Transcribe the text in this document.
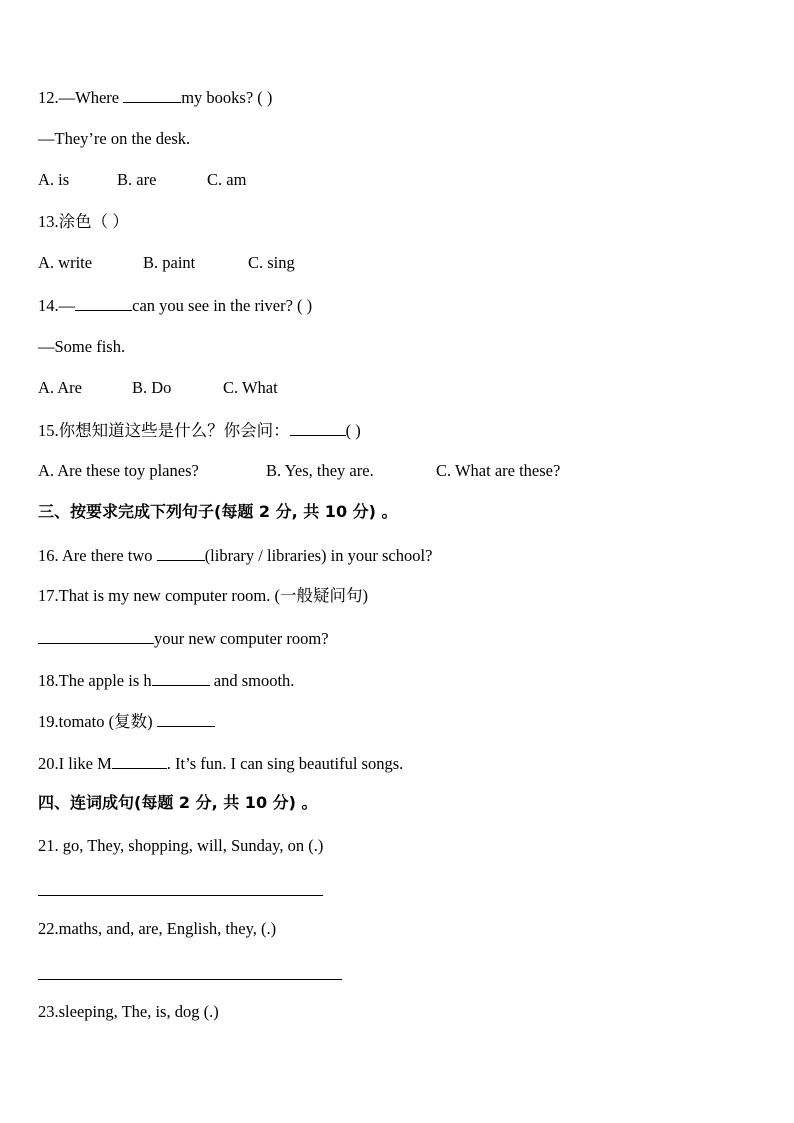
12.—Where	my books? ( )
—They’re on the desk.
A. is	B. are	C. am
13.涂色（ ）
A. write	B. paint	C. sing
14.—	can you see in the river? ( )
—Some fish.
A. Are	B. Do	C. What
15.你想知道这些是什么？你会问：	( )
A. Are these toy planes?	B. Yes, they are.	C. What are these?
三、按要求完成下列句子(每题 2 分, 共 10 分) 。
16. Are there two	(library / libraries) in your school?
17.That is my new computer room. (一般疑问句)
your new computer room?
18.The apple is h	and smooth.
19.tomato (复数)
20.I like M	. It’s fun. I can sing beautiful songs.
四、连词成句(每题 2 分, 共 10 分) 。
21. go, They, shopping, will, Sunday, on (.)
22.maths, and, are, English, they, (.)
23.sleeping, The, is, dog (.)
